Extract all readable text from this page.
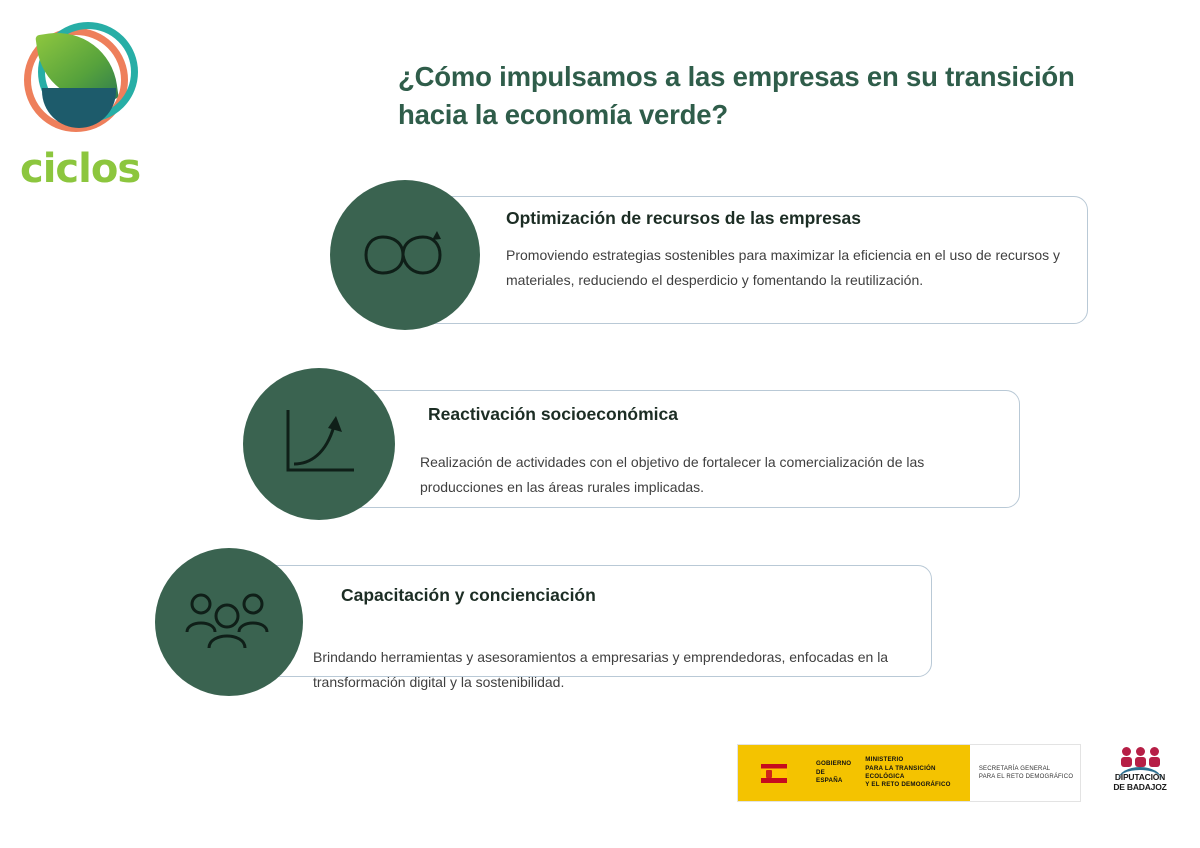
ciclos
¿Cómo impulsamos a las empresas en su transición hacia la economía verde?
Optimización de recursos de las empresas
Promoviendo estrategias sostenibles para maximizar la eficiencia en el uso de recursos y materiales, reduciendo el desperdicio y fomentando la reutilización.
Reactivación socioeconómica
Realización de actividades con el objetivo de fortalecer la comercialización de las producciones en las áreas rurales implicadas.
Capacitación y concienciación
Brindando herramientas y asesoramientos a empresarias y emprendedoras, enfocadas en la transformación digital y la sostenibilidad.
GOBIERNO
DE ESPAÑA
MINISTERIO
PARA LA TRANSICIÓN ECOLÓGICA
Y EL RETO DEMOGRÁFICO
SECRETARÍA GENERAL
PARA EL RETO DEMOGRÁFICO	DIPUTACIÓN
DE BADAJOZ
